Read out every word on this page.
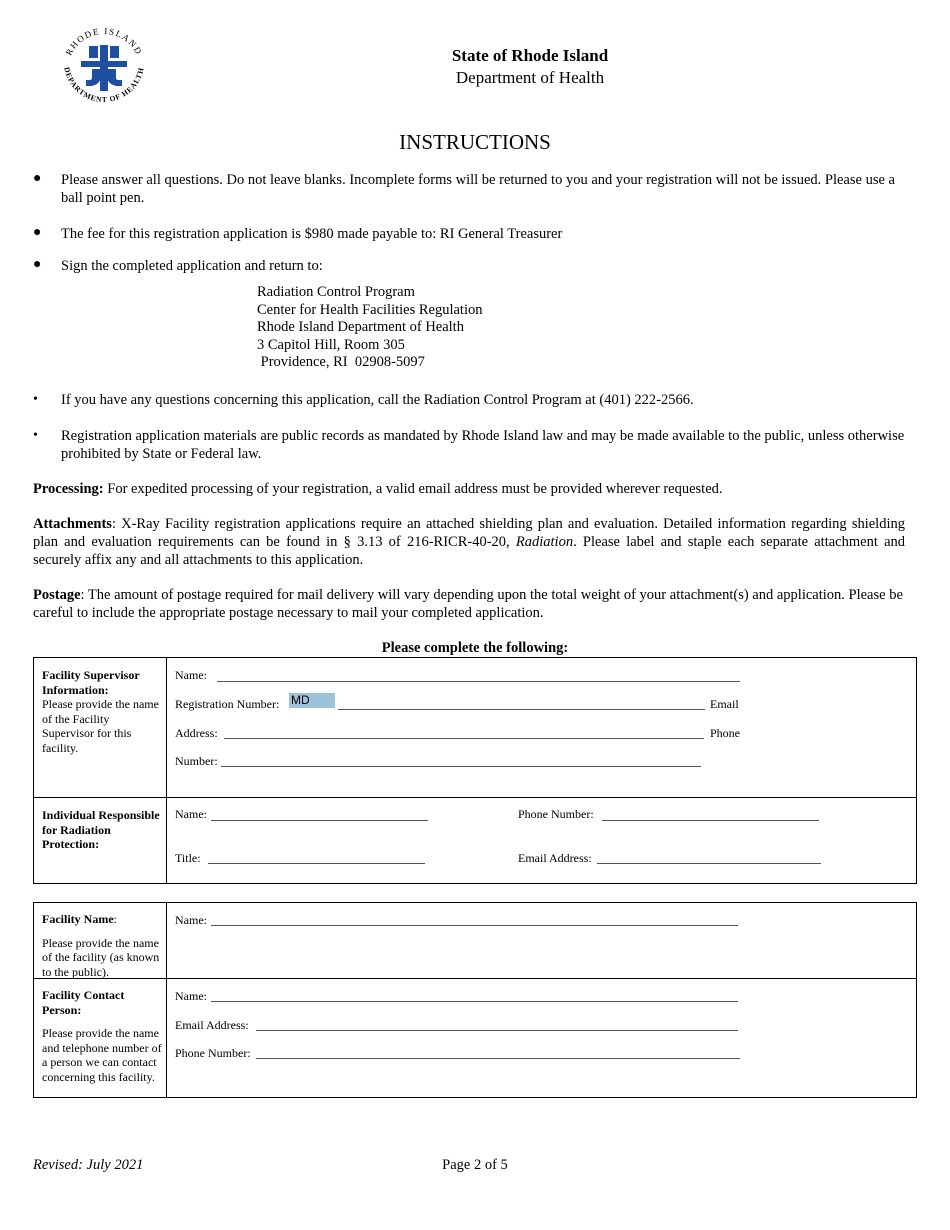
RHODE ISLAND
DEPARTMENT OF HEALTH
State of Rhode Island
Department of Health
INSTRUCTIONS
● Please answer all questions. Do not leave blanks. Incomplete forms will be returned to you and your registration will not be issued. Please use a ball point pen.
● The fee for this registration application is $980 made payable to: RI General Treasurer
● Sign the completed application and return to:
Radiation Control Program
Center for Health Facilities Regulation
Rhode Island Department of Health
3 Capitol Hill, Room 305
Providence, RI  02908-5097
• If you have any questions concerning this application, call the Radiation Control Program at (401) 222-2566.
• Registration application materials are public records as mandated by Rhode Island law and may be made available to the public, unless otherwise prohibited by State or Federal law.
Processing: For expedited processing of your registration, a valid email address must be provided wherever requested.
Attachments: X-Ray Facility registration applications require an attached shielding plan and evaluation. Detailed information regarding shielding plan and evaluation requirements can be found in § 3.13 of 216-RICR-40-20, Radiation. Please label and staple each separate attachment and securely affix any and all attachments to this application.
Postage: The amount of postage required for mail delivery will vary depending upon the total weight of your attachment(s) and application. Please be careful to include the appropriate postage necessary to mail your completed application.
Please complete the following:
Facility Supervisor Information:
Please provide the name of the Facility Supervisor for this facility.
Name:
Registration Number: MD	Email
Address:	Phone
Number:
Individual Responsible for Radiation Protection:
Name:	Phone Number:
Title:	Email Address:
Facility Name:
Please provide the name of the facility (as known to the public).
Name:
Facility Contact Person:
Please provide the name and telephone number of a person we can contact concerning this facility.
Name:
Email Address:
Phone Number:
Revised: July 2021	Page 2 of 5
